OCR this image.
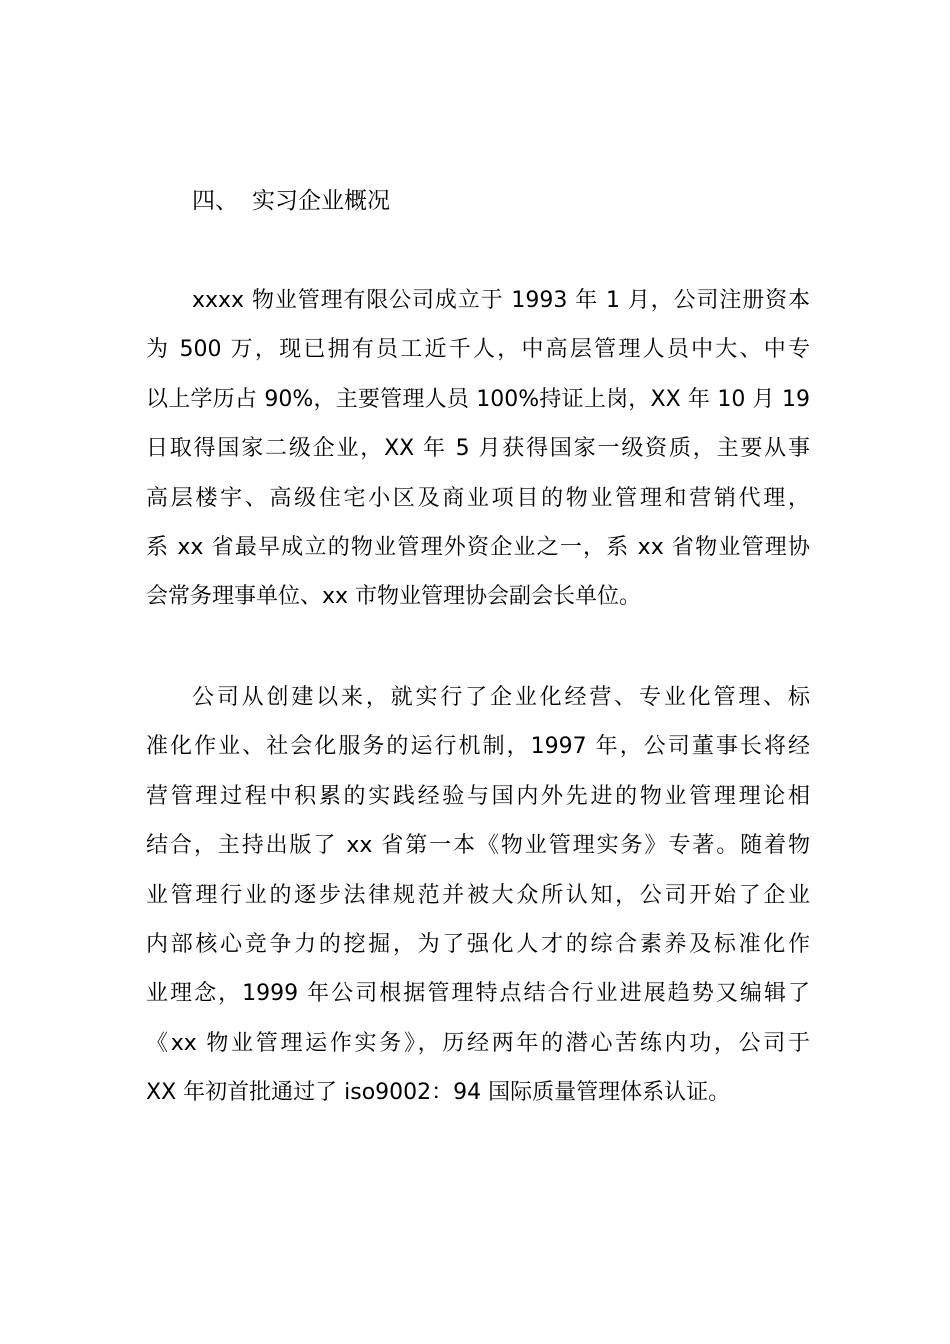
四、 实习企业概况
xxxx 物业管理有限公司成立于 1993 年 1 月，公司注册资本
为 500 万，现已拥有员工近千人，中高层管理人员中大、中专
以上学历占 90%，主要管理人员 100%持证上岗，XX 年 10 月 19
日取得国家二级企业，XX 年 5 月获得国家一级资质，主要从事
高层楼宇、高级住宅小区及商业项目的物业管理和营销代理，
系 xx 省最早成立的物业管理外资企业之一，系 xx 省物业管理协
会常务理事单位、xx 市物业管理协会副会长单位。
公司从创建以来，就实行了企业化经营、专业化管理、标
准化作业、社会化服务的运行机制，1997 年，公司董事长将经
营管理过程中积累的实践经验与国内外先进的物业管理理论相
结合，主持出版了 xx 省第一本《物业管理实务》专著。随着物
业管理行业的逐步法律规范并被大众所认知，公司开始了企业
内部核心竞争力的挖掘，为了强化人才的综合素养及标准化作
业理念，1999 年公司根据管理特点结合行业进展趋势又编辑了
《xx 物业管理运作实务》，历经两年的潜心苦练内功，公司于
XX 年初首批通过了 iso9002：94 国际质量管理体系认证。
